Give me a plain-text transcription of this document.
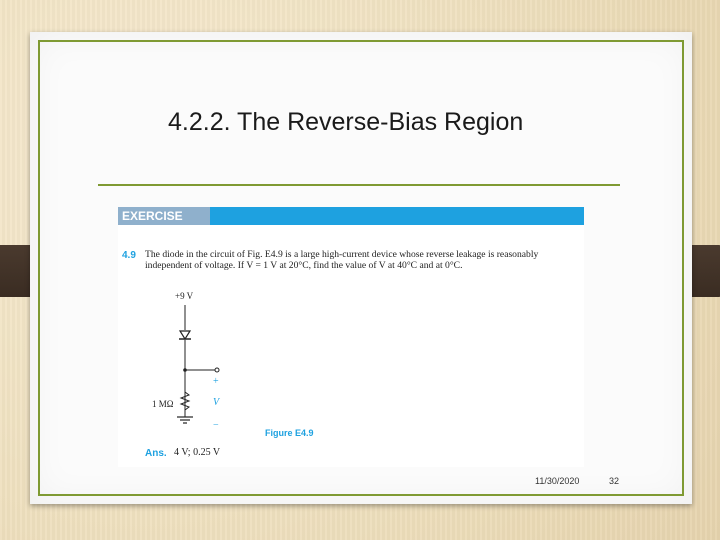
4.2.2. The Reverse-Bias Region
EXERCISE
4.9 The diode in the circuit of Fig. E4.9 is a large high-current device whose reverse leakage is reasonably independent of voltage. If V = 1 V at 20°C, find the value of V at 40°C and at 0°C.
+9 V
1 MΩ
+
V
−
Figure E4.9
Ans. 4 V; 0.25 V
11/30/2020	32
